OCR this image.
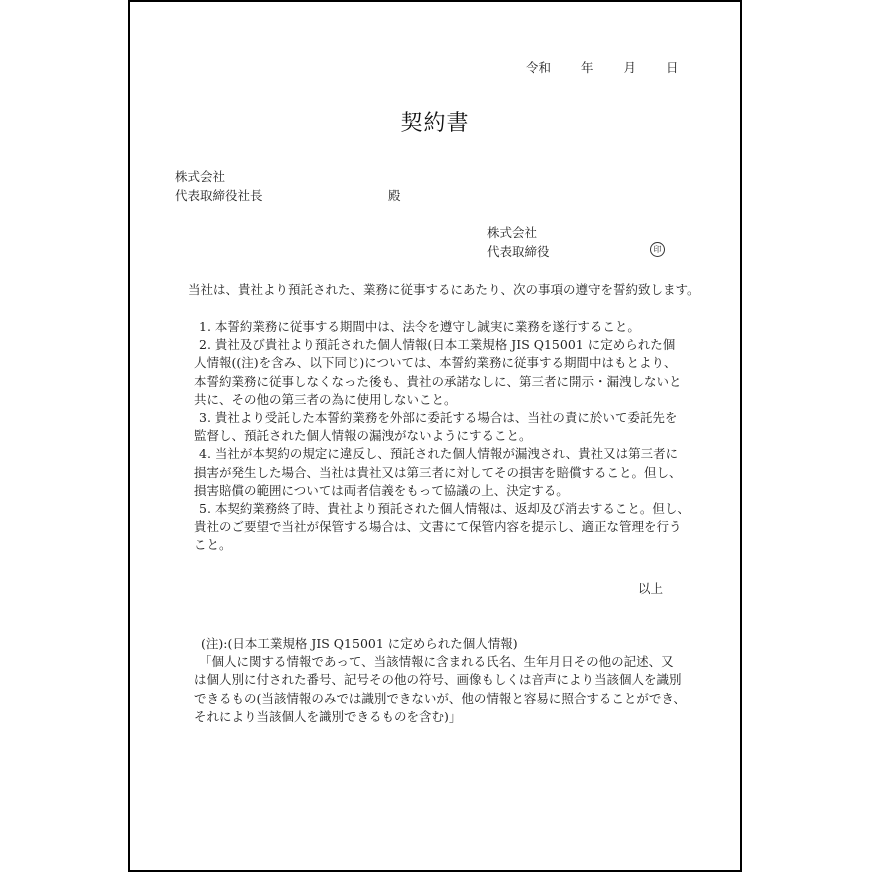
令和 年 月 日
契約書
株式会社
代表取締役社長	殿
株式会社
代表取締役	印
当社は、貴社より預託された、業務に従事するにあたり、次の事項の遵守を誓約致します。
1. 本誓約業務に従事する期間中は、法令を遵守し誠実に業務を遂行すること。
2. 貴社及び貴社より預託された個人情報(日本工業規格 JIS Q15001 に定められた個
人情報((注)を含み、以下同じ)については、本誓約業務に従事する期間中はもとより、
本誓約業務に従事しなくなった後も、貴社の承諾なしに、第三者に開示・漏洩しないと
共に、その他の第三者の為に使用しないこと。
3. 貴社より受託した本誓約業務を外部に委託する場合は、当社の責に於いて委託先を
監督し、預託された個人情報の漏洩がないようにすること。
4. 当社が本契約の規定に違反し、預託された個人情報が漏洩され、貴社又は第三者に
損害が発生した場合、当社は貴社又は第三者に対してその損害を賠償すること。但し、
損害賠償の範囲については両者信義をもって協議の上、決定する。
5. 本契約業務終了時、貴社より預託された個人情報は、返却及び消去すること。但し、
貴社のご要望で当社が保管する場合は、文書にて保管内容を提示し、適正な管理を行う
こと。
以上
(注):(日本工業規格 JIS Q15001 に定められた個人情報)
「個人に関する情報であって、当該情報に含まれる氏名、生年月日その他の記述、又
は個人別に付された番号、記号その他の符号、画像もしくは音声により当該個人を識別
できるもの(当該情報のみでは識別できないが、他の情報と容易に照合することができ、
それにより当該個人を識別できるものを含む)」
